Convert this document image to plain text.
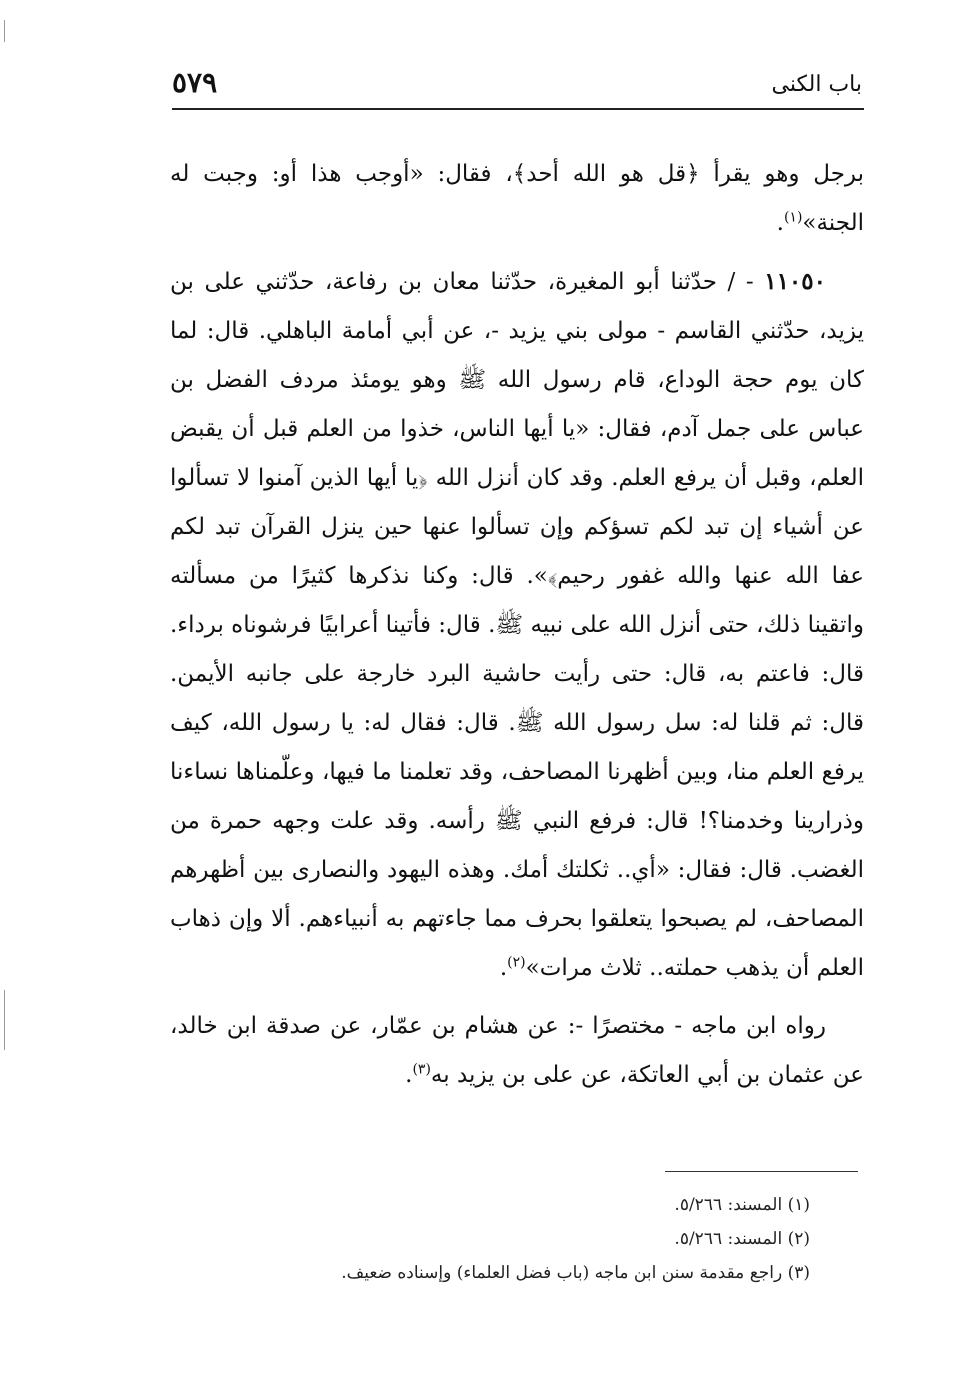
باب الكنى
٥٧٩

برجل وهو يقرأ ﴿قل هو الله أحد﴾، فقال: «أوجب هذا أو: وجبت له الجنة»$^{(١)}$.

١١٠٥٠ - / حدّثنا أبو المغيرة، حدّثنا معان بن رفاعة، حدّثني على بن يزيد، حدّثني القاسم - مولى بني يزيد -، عن أبي أمامة الباهلي. قال: لما كان يوم حجة الوداع، قام رسول الله ﷺ وهو يومئذ مردف الفضل بن عباس على جمل آدم، فقال: «يا أيها الناس، خذوا من العلم قبل أن يقبض العلم، وقبل أن يرفع العلم. وقد كان أنزل الله ﴿يا أيها الذين آمنوا لا تسألوا عن أشياء إن تبد لكم تسؤكم وإن تسألوا عنها حين ينزل القرآن تبد لكم عفا الله عنها والله غفور رحيم﴾». قال: وكنا نذكرها كثيرًا من مسألته واتقينا ذلك، حتى أنزل الله على نبيه ﷺ. قال: فأتينا أعرابيًا فرشوناه برداء. قال: فاعتم به، قال: حتى رأيت حاشية البرد خارجة على جانبه الأيمن. قال: ثم قلنا له: سل رسول الله ﷺ. قال: فقال له: يا رسول الله، كيف يرفع العلم منا، وبين أظهرنا المصاحف، وقد تعلمنا ما فيها، وعلّمناها نساءنا وذرارينا وخدمنا؟! قال: فرفع النبي ﷺ رأسه. وقد علت وجهه حمرة من الغضب. قال: فقال: «أي.. ثكلتك أمك. وهذه اليهود والنصارى بين أظهرهم المصاحف، لم يصبحوا يتعلقوا بحرف مما جاءتهم به أنبياءهم. ألا وإن ذهاب العلم أن يذهب حملته.. ثلاث مرات»$^{(٢)}$.

رواه ابن ماجه - مختصرًا -: عن هشام بن عمّار، عن صدقة ابن خالد، عن عثمان بن أبي العاتكة، عن على بن يزيد به$^{(٣)}$.

(١) المسند: ٥/٢٦٦.
(٢) المسند: ٥/٢٦٦.
(٣) راجع مقدمة سنن ابن ماجه (باب فضل العلماء) وإسناده ضعيف.
